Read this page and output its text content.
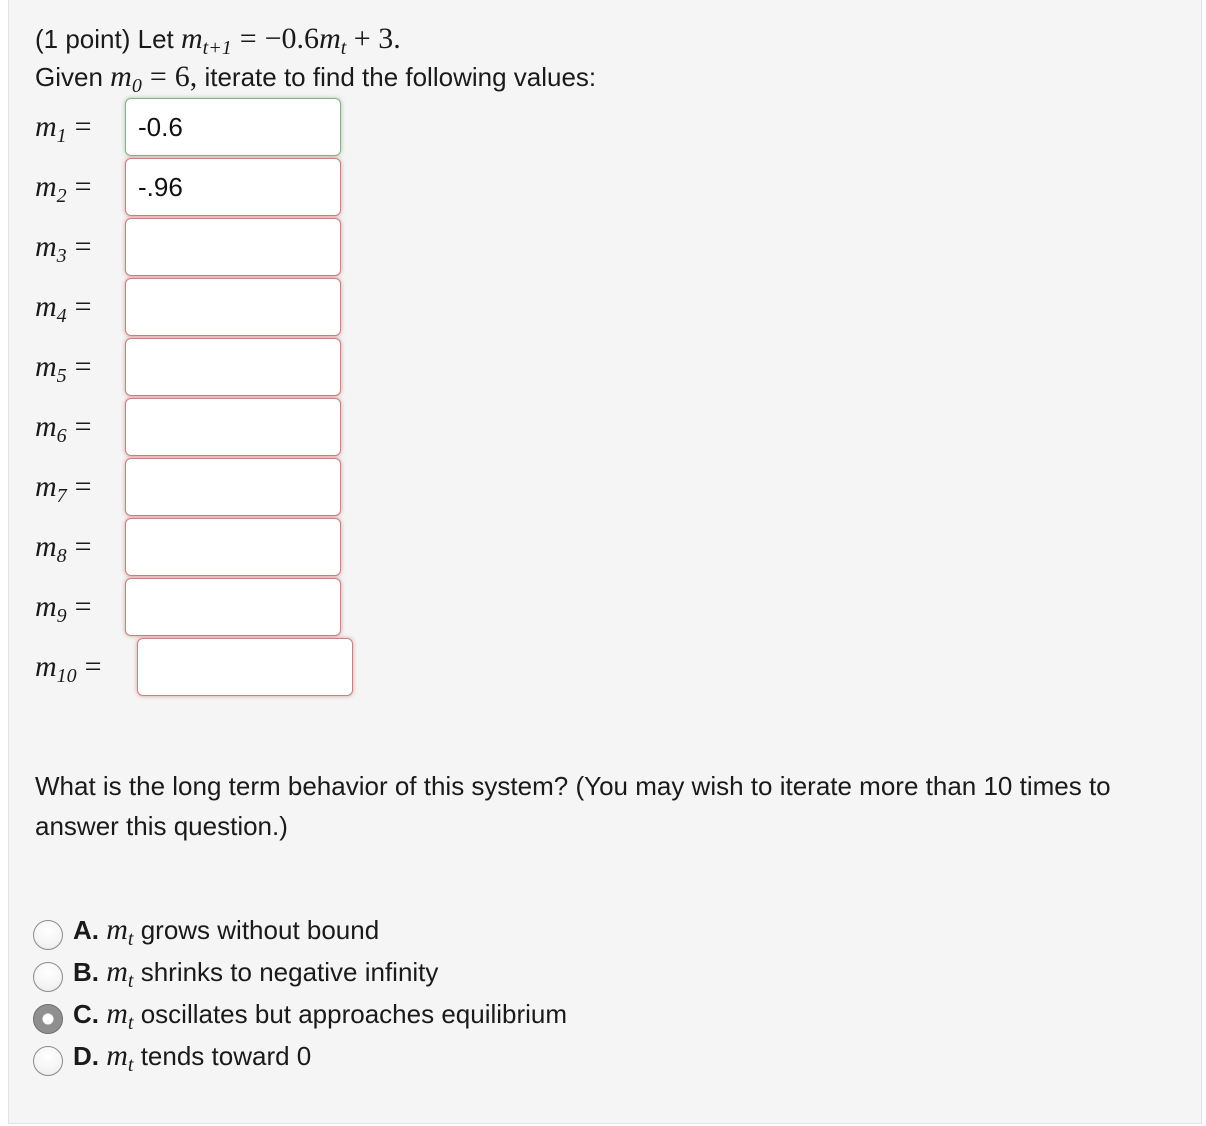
(1 point) Let $m_{t+1} = -0.6m_t + 3$.
Given $m_0 = 6$, iterate to find the following values:
$m_1$ =
-0.6
$m_2$ =
-.96
$m_3$ =
$m_4$ =
$m_5$ =
$m_6$ =
$m_7$ =
$m_8$ =
$m_9$ =
$m_{10}$ =
What is the long term behavior of this system? (You may wish to iterate more than 10 times to answer this question.)
A. $m_t$ grows without bound
B. $m_t$ shrinks to negative infinity
C. $m_t$ oscillates but approaches equilibrium
D. $m_t$ tends toward 0
